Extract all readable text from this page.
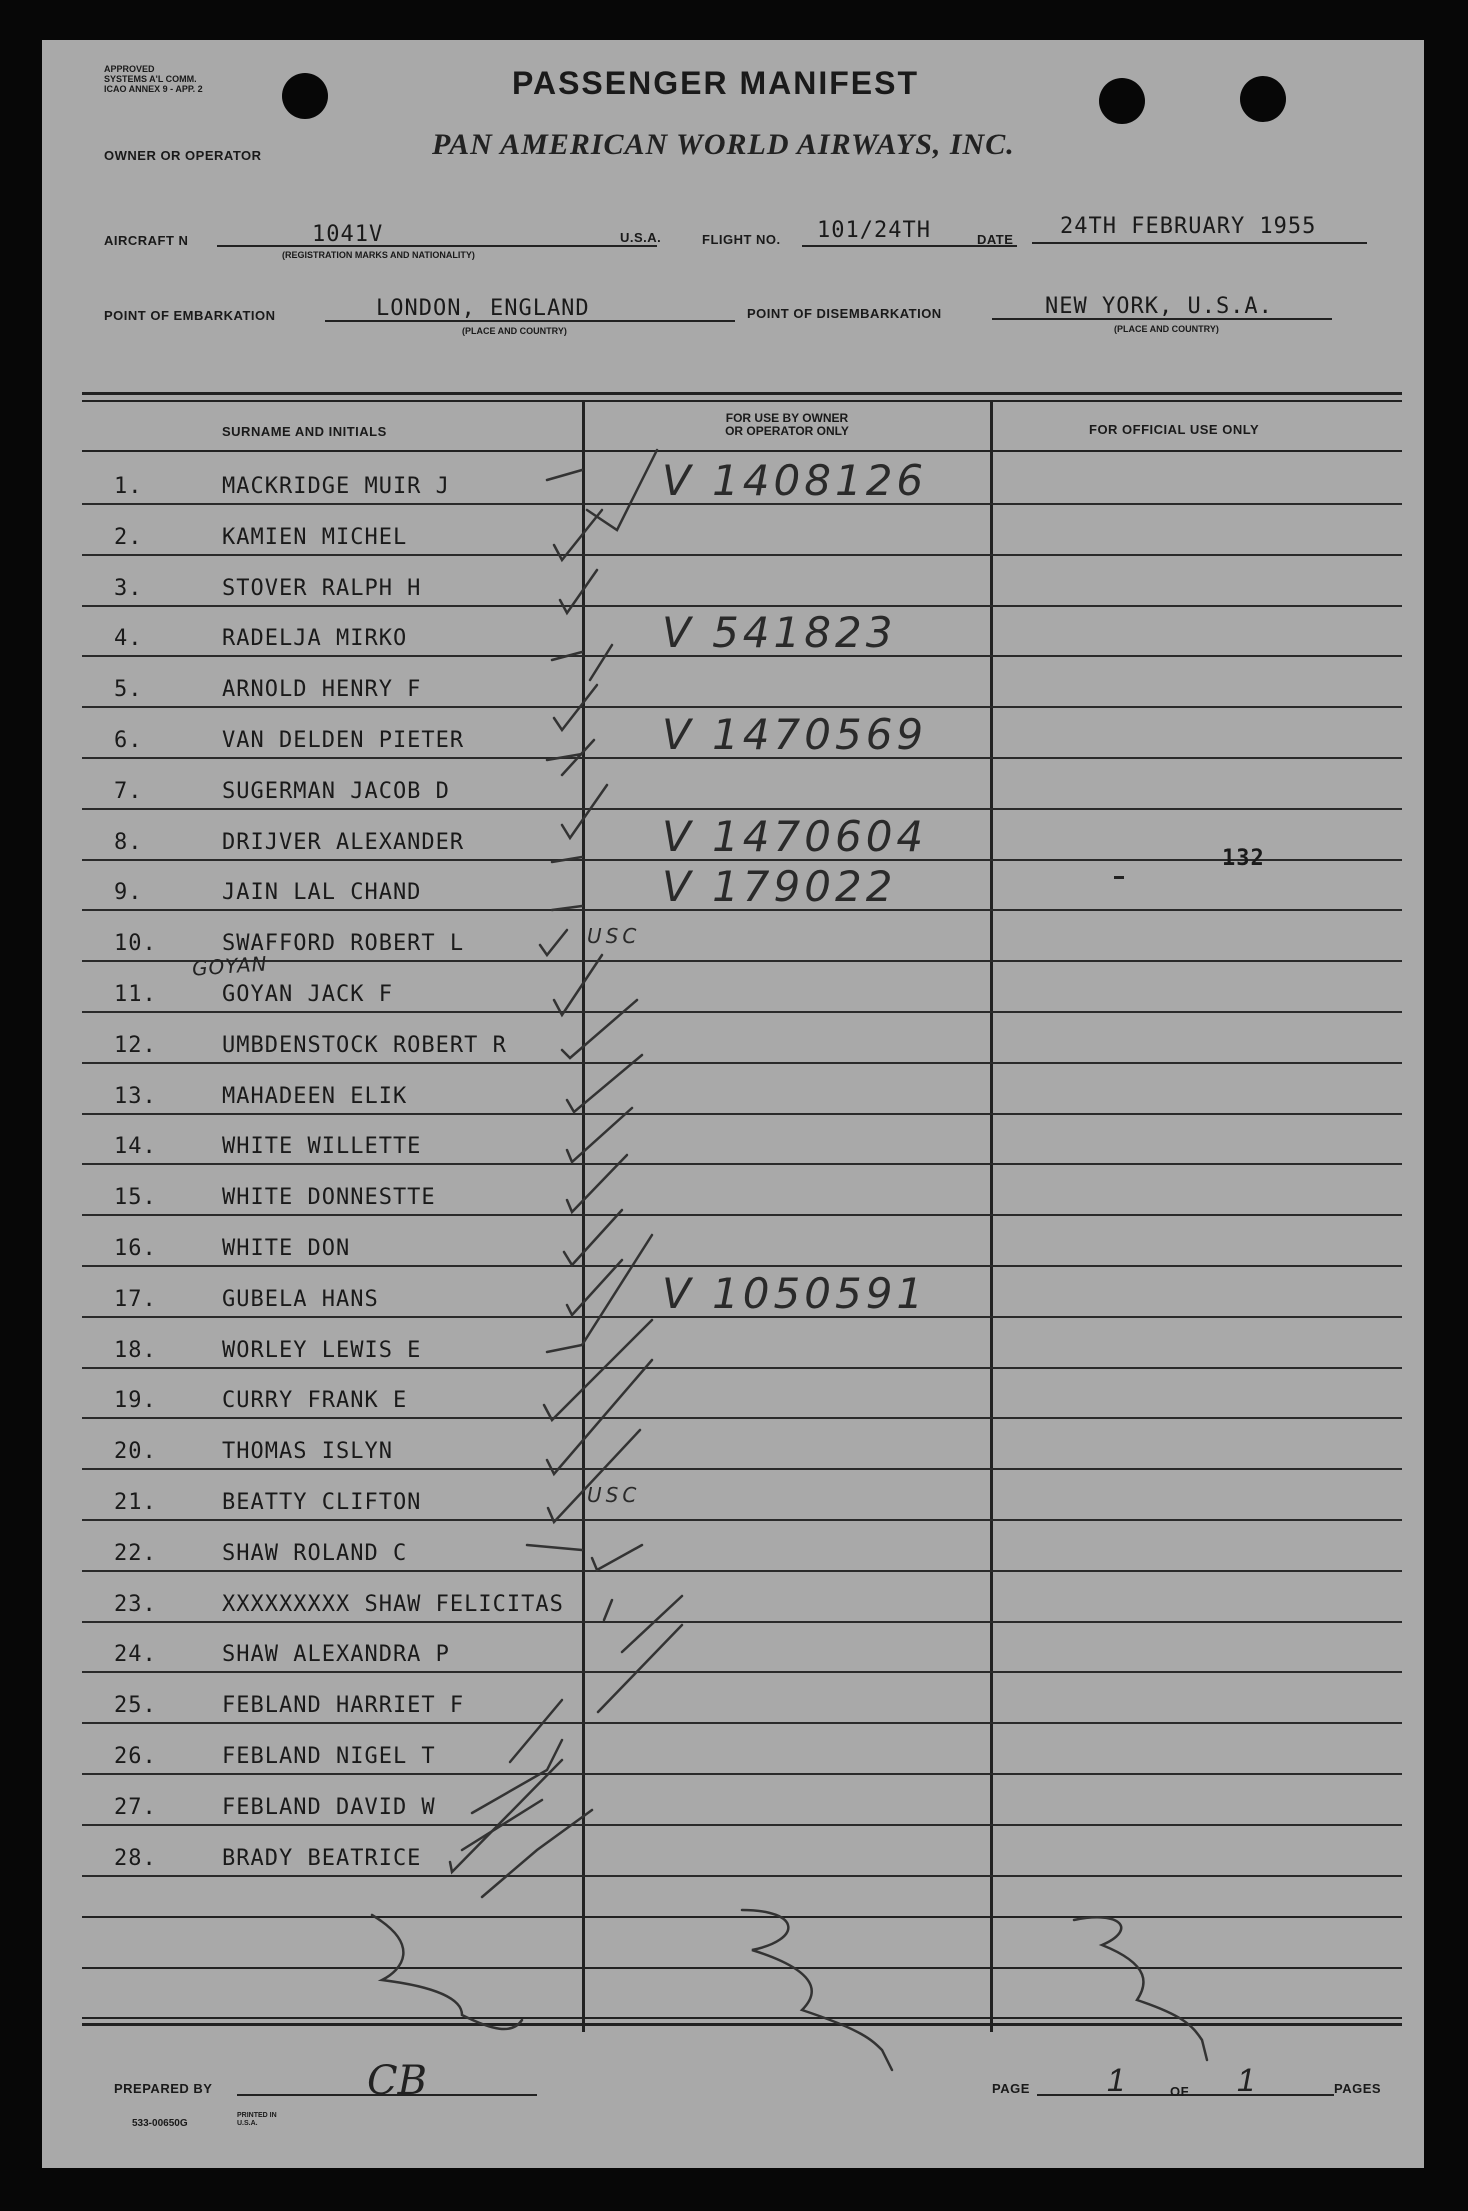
APPROVED
SYSTEMS A'L COMM.
ICAO ANNEX 9 - APP. 2	PASSENGER MANIFEST
OWNER OR OPERATOR	PAN AMERICAN WORLD AIRWAYS, INC.
AIRCRAFT N	1041V
(REGISTRATION MARKS AND NATIONALITY)
U.S.A.	FLIGHT NO. 101/24TH	DATE
24TH FEBRUARY 1955
POINT OF EMBARKATION	LONDON, ENGLAND
(PLACE AND COUNTRY)
POINT OF DISEMBARKATION	NEW YORK, U.S.A.
(PLACE AND COUNTRY)
SURNAME AND INITIALS
FOR USE BY OWNER
OR OPERATOR ONLY	FOR OFFICIAL USE ONLY
1.	MACKRIDGE MUIR J	V 1408126
2.	KAMIEN MICHEL
3.	STOVER RALPH H
4.	RADELJA MIRKO	V 541823
5.	ARNOLD HENRY F
6.	VAN DELDEN PIETER	V 1470569
7.	SUGERMAN JACOB D
8.	DRIJVER ALEXANDER	V 1470604
9.	JAIN LAL CHAND	V 179022
10.	SWAFFORD ROBERT L	USC
11.	GOYAN JACK F
12.	UMBDENSTOCK ROBERT R
13.	MAHADEEN ELIK
14.	WHITE WILLETTE
15.	WHITE DONNESTTE
16.	WHITE DON
17.	GUBELA HANS	V 1050591
18.	WORLEY LEWIS E
19.	CURRY FRANK E
20.	THOMAS ISLYN
21.	BEATTY CLIFTON	USC
22.	SHAW ROLAND C
23.	XXXXXXXXX SHAW FELICITAS
24.	SHAW ALEXANDRA P
25.	FEBLAND HARRIET F
26.	FEBLAND NIGEL T
27.	FEBLAND DAVID W
28.	BRADY BEATRICE
132
GOYAN
PREPARED BY	CB
533-00650G
PRINTED IN U.S.A.
PAGE 1	OF 1	PAGES
